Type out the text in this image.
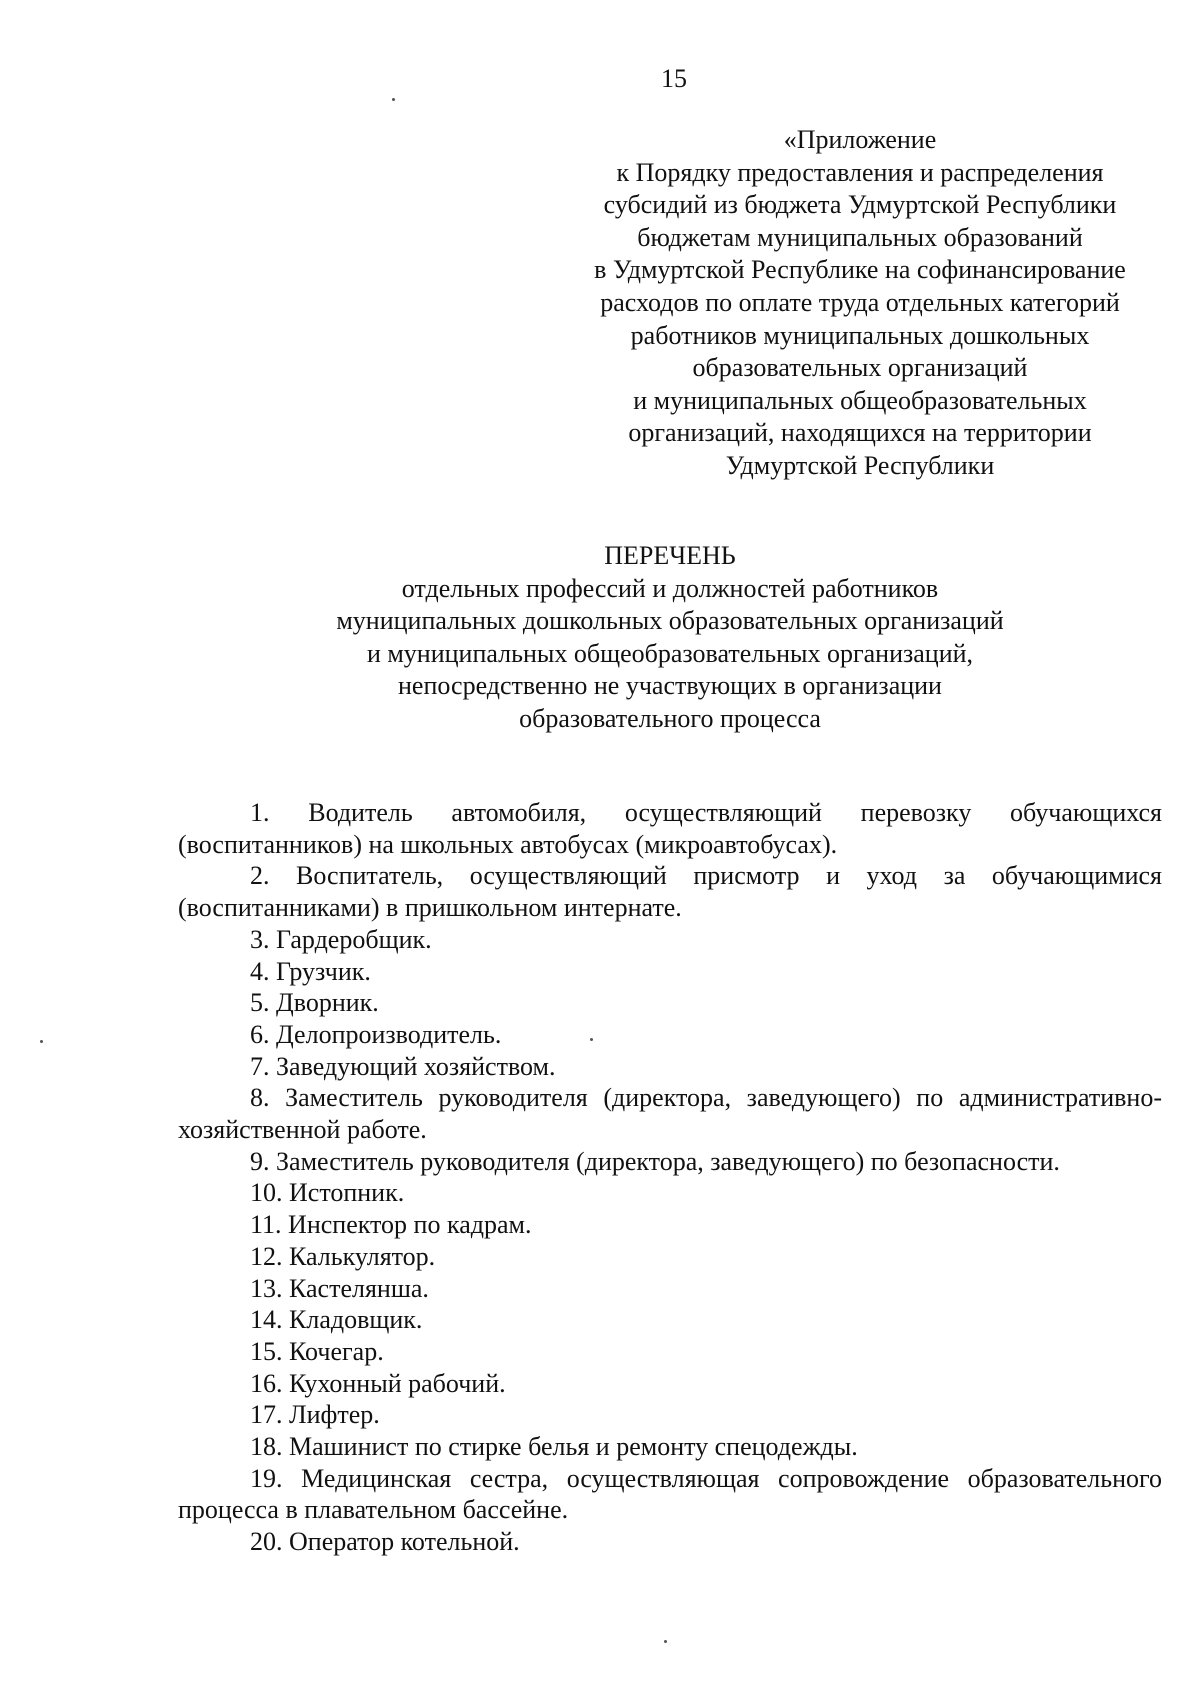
15
«Приложение
к Порядку предоставления и распределения
субсидий из бюджета Удмуртской Республики
бюджетам муниципальных образований
в Удмуртской Республике на софинансирование
расходов по оплате труда отдельных категорий
работников муниципальных дошкольных
образовательных организаций
и муниципальных общеобразовательных
организаций, находящихся на территории
Удмуртской Республики
ПЕРЕЧЕНЬ
отдельных профессий и должностей работников
муниципальных дошкольных образовательных организаций
и муниципальных общеобразовательных организаций,
непосредственно не участвующих в организации
образовательного процесса

1. Водитель автомобиля, осуществляющий перевозку обучающихся (воспитанников) на школьных автобусах (микроавтобусах).

2. Воспитатель, осуществляющий присмотр и уход за обучающимися (воспитанниками) в пришкольном интернате.

3. Гардеробщик.

4. Грузчик.

5. Дворник.

6. Делопроизводитель.

7. Заведующий хозяйством.

8. Заместитель руководителя (директора, заведующего) по административно- хозяйственной работе.

9. Заместитель руководителя (директора, заведующего) по безопасности.

10. Истопник.

11. Инспектор по кадрам.

12. Калькулятор.

13. Кастелянша.

14. Кладовщик.

15. Кочегар.

16. Кухонный рабочий.

17. Лифтер.

18. Машинист по стирке белья и ремонту спецодежды.

19. Медицинская сестра, осуществляющая сопровождение образовательного процесса в плавательном бассейне.

20. Оператор котельной.
